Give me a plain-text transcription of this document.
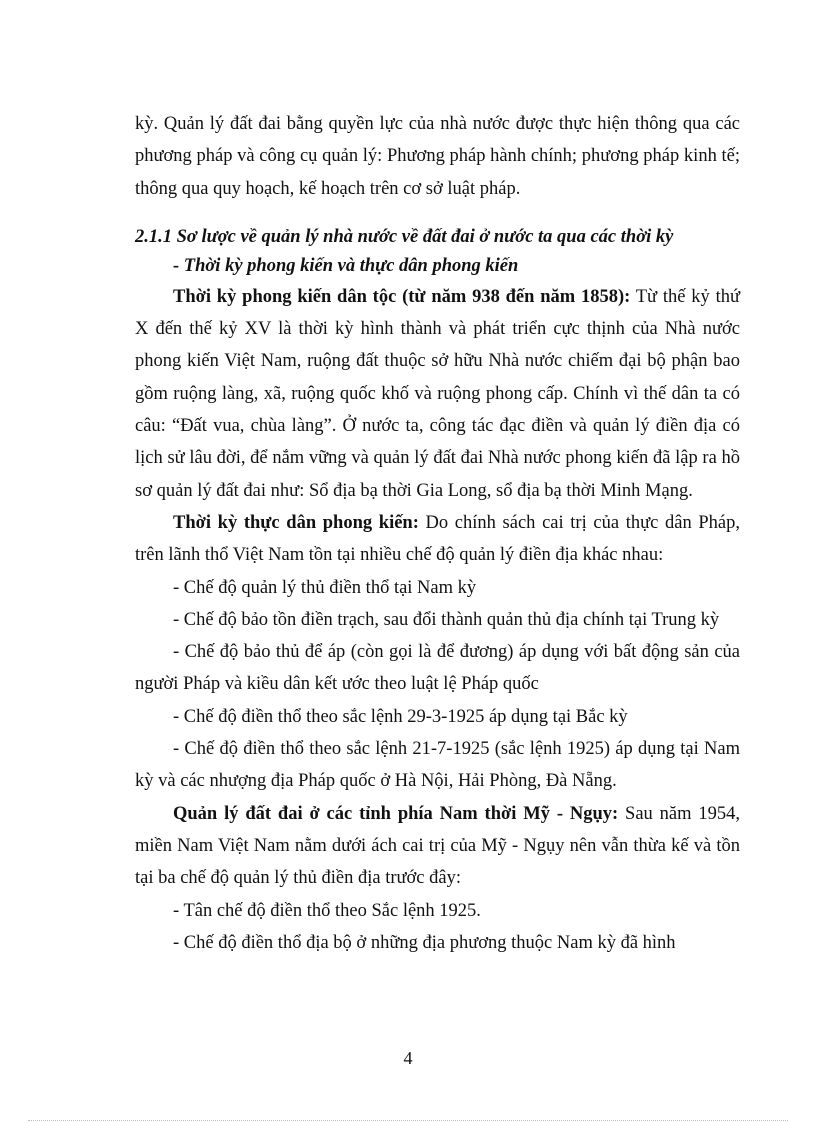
kỳ. Quản lý đất đai bằng quyền lực của nhà nước được thực hiện thông qua các phương pháp và công cụ quản lý: Phương pháp hành chính; phương pháp kinh tế; thông qua quy hoạch, kế hoạch trên cơ sở luật pháp.

2.1.1 Sơ lược về quản lý nhà nước về đất đai ở nước ta qua các thời kỳ

- Thời kỳ phong kiến và thực dân phong kiến

Thời kỳ phong kiến dân tộc (từ năm 938 đến năm 1858): Từ thế kỷ thứ X đến thế kỷ XV là thời kỳ hình thành và phát triển cực thịnh của Nhà nước phong kiến Việt Nam, ruộng đất thuộc sở hữu Nhà nước chiếm đại bộ phận bao gồm ruộng làng, xã, ruộng quốc khố và ruộng phong cấp. Chính vì thế dân ta có câu: “Đất vua, chùa làng”. Ở nước ta, công tác đạc điền và quản lý điền địa có lịch sử lâu đời, để nắm vững và quản lý đất đai Nhà nước phong kiến đã lập ra hồ sơ quản lý đất đai như: Sổ địa bạ thời Gia Long, sổ địa bạ thời Minh Mạng.

Thời kỳ thực dân phong kiến: Do chính sách cai trị của thực dân Pháp, trên lãnh thổ Việt Nam tồn tại nhiều chế độ quản lý điền địa khác nhau:

- Chế độ quản lý thủ điền thổ tại Nam kỳ

- Chế độ bảo tồn điền trạch, sau đổi thành quản thủ địa chính tại Trung kỳ

- Chế độ bảo thủ để áp (còn gọi là để đương) áp dụng với bất động sản của người Pháp và kiều dân kết ước theo luật lệ Pháp quốc

- Chế độ điền thổ theo sắc lệnh 29-3-1925 áp dụng tại Bắc kỳ

- Chế độ điền thổ theo sắc lệnh 21-7-1925 (sắc lệnh 1925) áp dụng tại Nam kỳ và các nhượng địa Pháp quốc ở Hà Nội, Hải Phòng, Đà Nẵng.

Quản lý đất đai ở các tỉnh phía Nam thời Mỹ - Ngụy: Sau năm 1954, miền Nam Việt Nam nằm dưới ách cai trị của Mỹ - Ngụy nên vẫn thừa kế và tồn tại ba chế độ quản lý thủ điền địa trước đây:

- Tân chế độ điền thổ theo Sắc lệnh 1925.

- Chế độ điền thổ địa bộ ở những địa phương thuộc Nam kỳ đã hình

4
